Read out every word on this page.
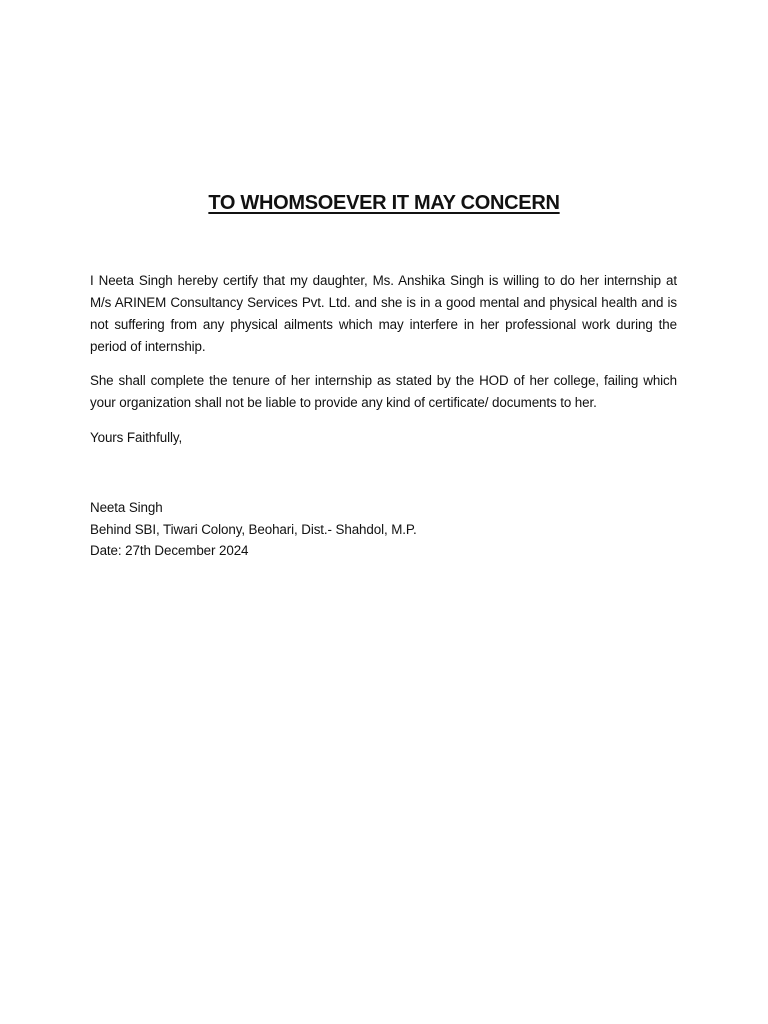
TO WHOMSOEVER IT MAY CONCERN

I Neeta Singh hereby certify that my daughter, Ms. Anshika Singh is willing to do her internship at M/s ARINEM Consultancy Services Pvt. Ltd. and she is in a good mental and physical health and is not suffering from any physical ailments which may interfere in her professional work during the period of internship.

She shall complete the tenure of her internship as stated by the HOD of her college, failing which your organization shall not be liable to provide any kind of certificate/ documents to her.

Yours Faithfully,

Neeta Singh
Behind SBI, Tiwari Colony, Beohari, Dist.- Shahdol, M.P.
Date: 27th December 2024
